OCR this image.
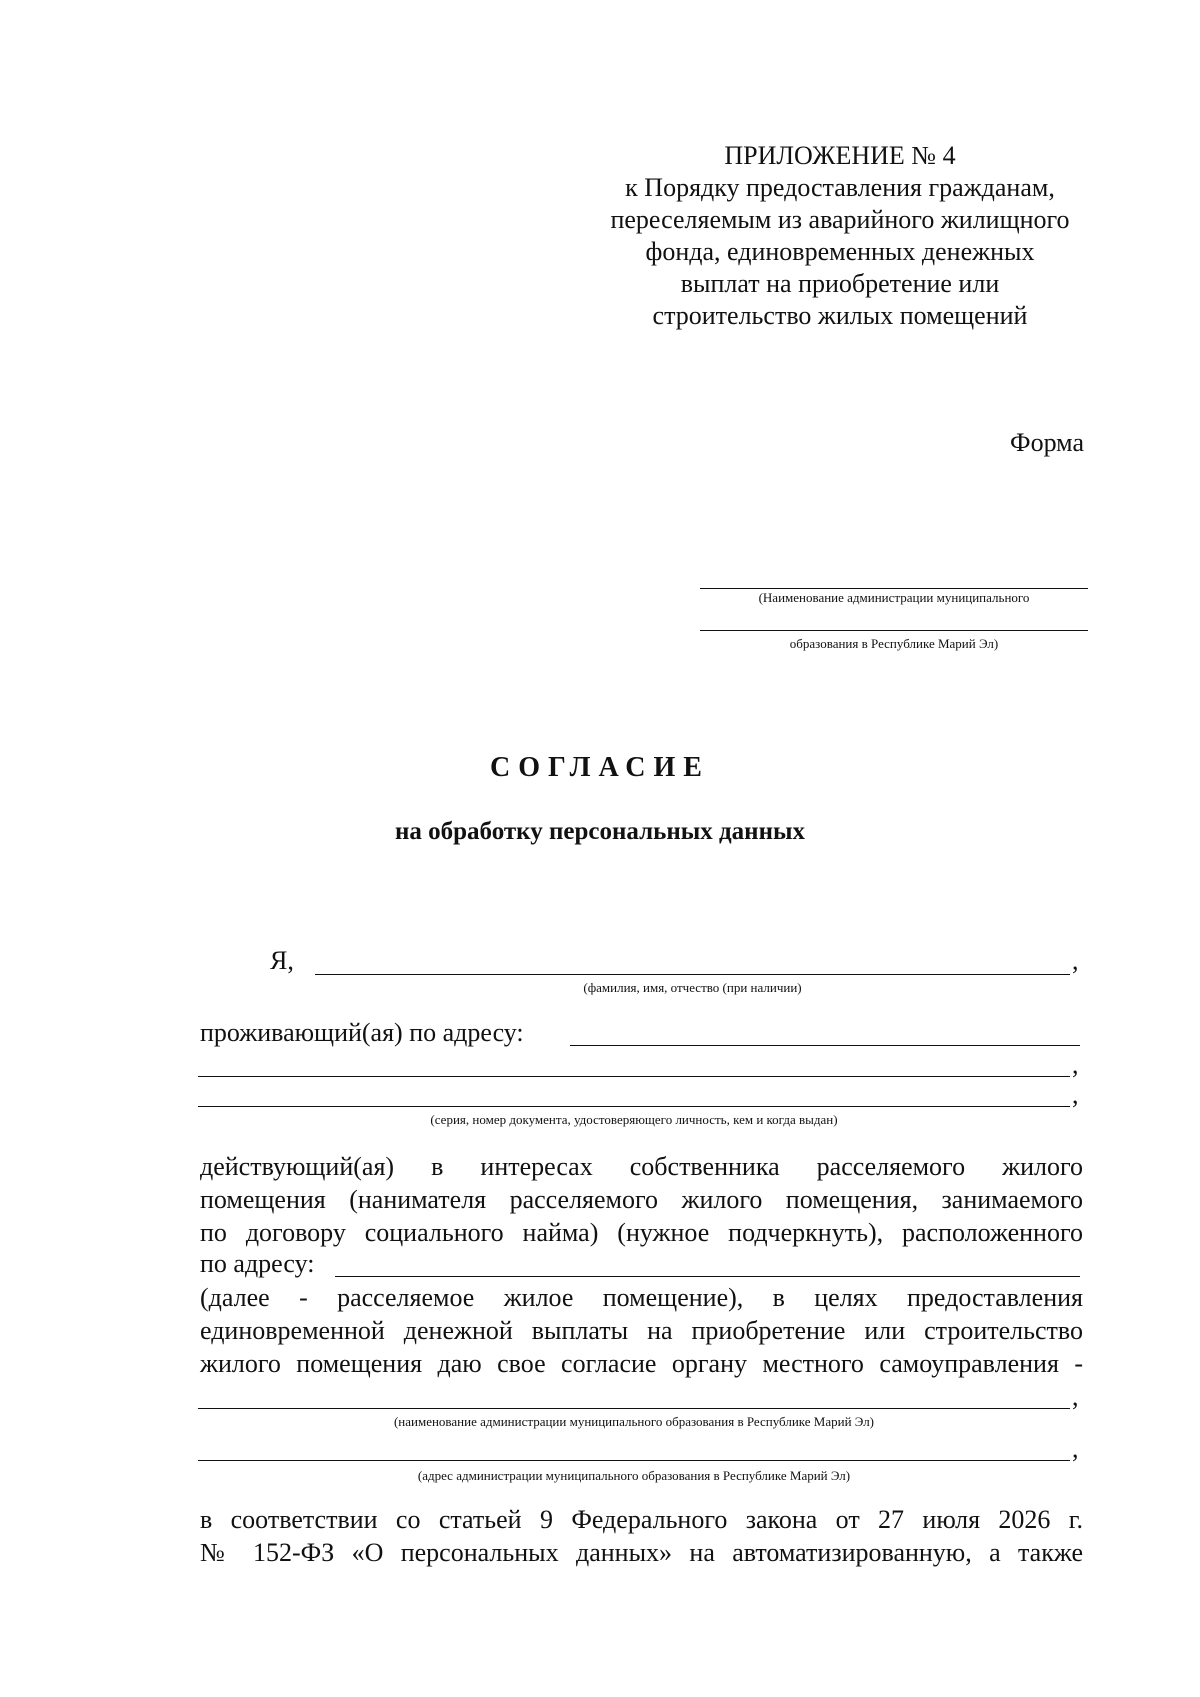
ПРИЛОЖЕНИЕ № 4
к Порядку предоставления гражданам,
переселяемым из аварийного жилищного
фонда, единовременных денежных
выплат на приобретение или
строительство жилых помещений
Форма
(Наименование администрации муниципального
образования в Республике Марий Эл)
СОГЛАСИЕ
на обработку персональных данных
Я,	,
(фамилия, имя, отчество (при наличии)
проживающий(ая) по адресу:
,
,
(серия, номер документа, удостоверяющего личность, кем и когда выдан)
действующий(ая) в интересах собственника расселяемого жилого
помещения (нанимателя расселяемого жилого помещения, занимаемого
по договору социального найма) (нужное подчеркнуть), расположенного
по адресу:
(далее - расселяемое жилое помещение), в целях предоставления
единовременной денежной выплаты на приобретение или строительство
жилого помещения даю свое согласие органу местного самоуправления -
,
(наименование администрации муниципального образования в Республике Марий Эл)
,
(адрес администрации муниципального образования в Республике Марий Эл)
в соответствии со статьей 9 Федерального закона от 27 июля 2026 г.
№ 152-ФЗ «О персональных данных» на автоматизированную, а также
